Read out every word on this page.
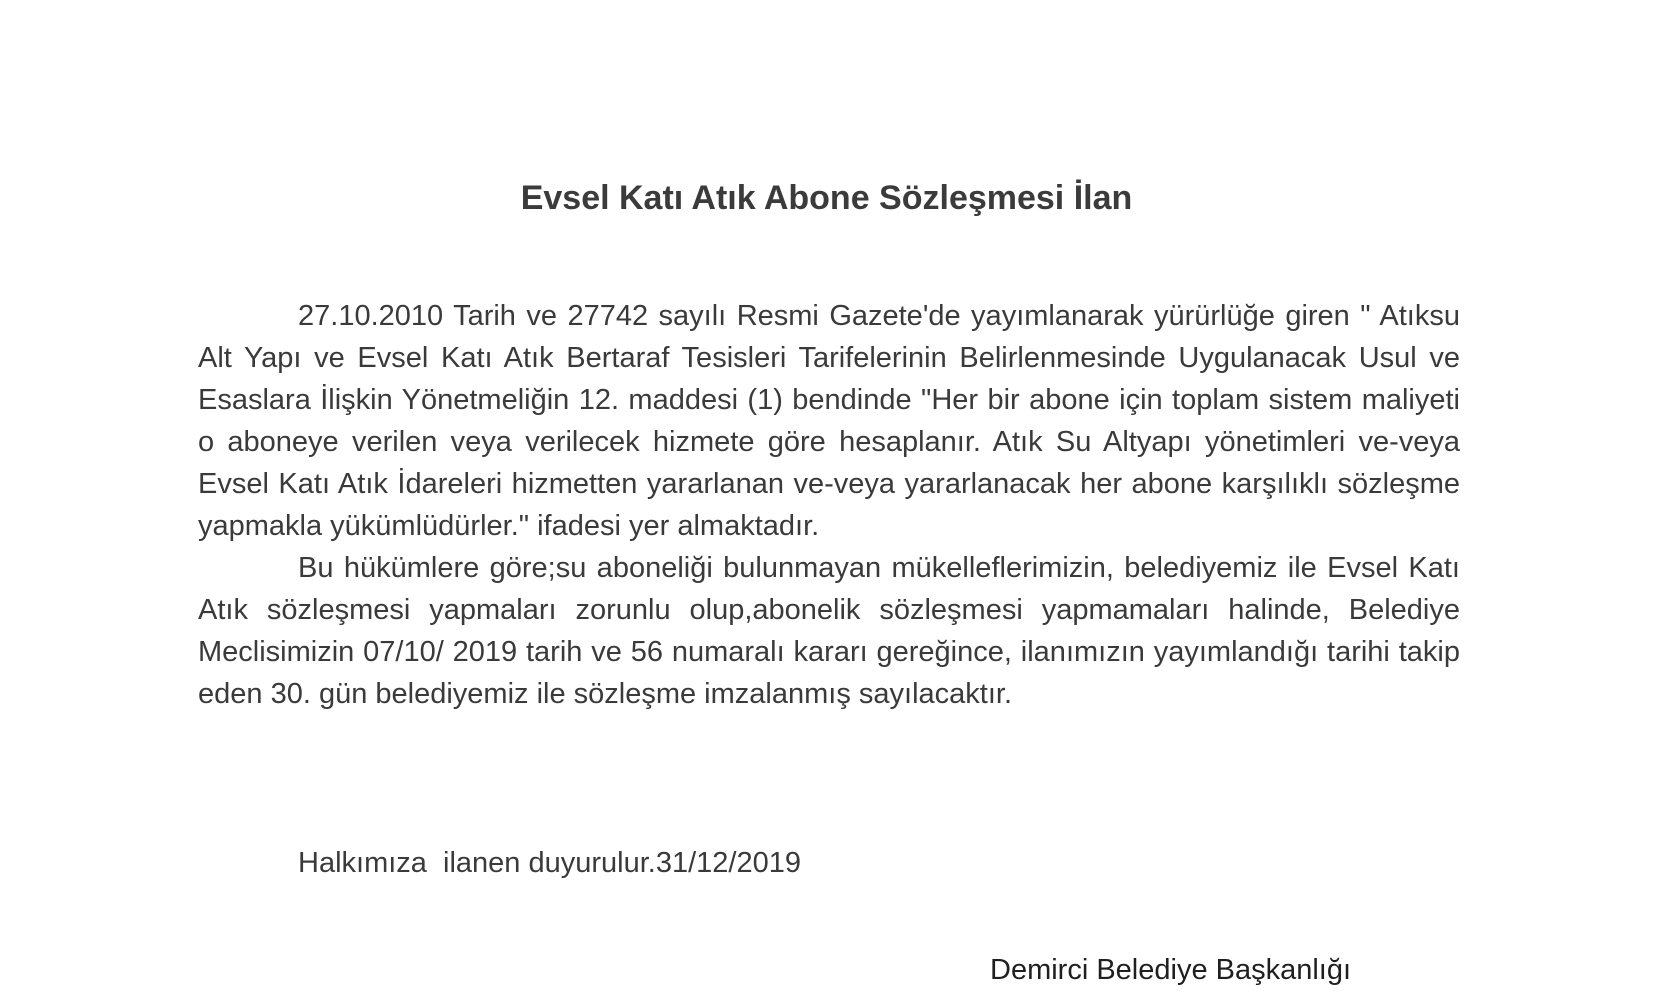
Evsel Katı Atık Abone Sözleşmesi İlan

27.10.2010 Tarih ve 27742 sayılı Resmi Gazete'de yayımlanarak yürürlüğe giren " Atıksu Alt Yapı ve Evsel Katı Atık Bertaraf Tesisleri Tarifelerinin Belirlenmesinde Uygulanacak Usul ve Esaslara İlişkin Yönetmeliğin 12. maddesi (1) bendinde "Her bir abone için toplam sistem maliyeti o aboneye verilen veya verilecek hizmete göre hesaplanır. Atık Su Altyapı yönetimleri ve-veya Evsel Katı Atık İdareleri hizmetten yararlanan ve-veya yararlanacak her abone karşılıklı sözleşme yapmakla yükümlüdürler." ifadesi yer almaktadır.

Bu hükümlere göre;su aboneliği bulunmayan mükelleflerimizin, belediyemiz ile Evsel Katı Atık sözleşmesi yapmaları zorunlu olup,abonelik sözleşmesi yapmamaları halinde, Belediye Meclisimizin 07/10/ 2019 tarih ve 56 numaralı kararı gereğince, ilanımızın yayımlandığı tarihi takip eden 30. gün belediyemiz ile sözleşme imzalanmış sayılacaktır.

Halkımıza  ilanen duyurulur.31/12/2019
Demirci Belediye Başkanlığı
